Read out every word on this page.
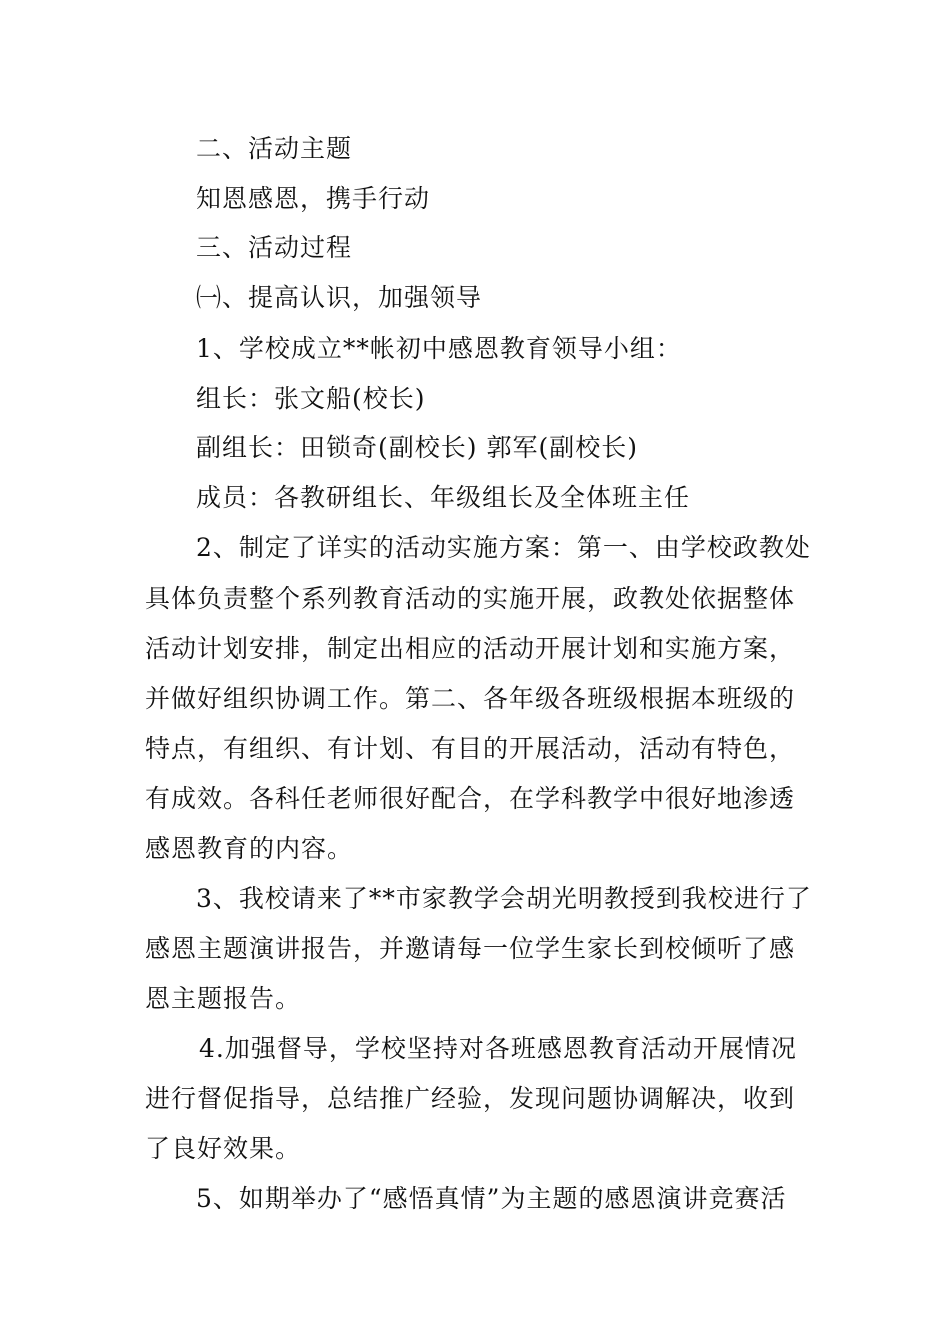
二、活动主题
知恩感恩，携手行动
三、活动过程
㈠、提高认识，加强领导
1、学校成立**帐初中感恩教育领导小组：
组长：张文船(校长)
副组长：田锁奇(副校长) 郭军(副校长)
成员：各教研组长、年级组长及全体班主任
2、制定了详实的活动实施方案：第一、由学校政教处
具体负责整个系列教育活动的实施开展，政教处依据整体
活动计划安排，制定出相应的活动开展计划和实施方案，
并做好组织协调工作。第二、各年级各班级根据本班级的
特点，有组织、有计划、有目的开展活动，活动有特色，
有成效。各科任老师很好配合，在学科教学中很好地渗透
感恩教育的内容。
3、我校请来了**市家教学会胡光明教授到我校进行了
感恩主题演讲报告，并邀请每一位学生家长到校倾听了感
恩主题报告。
4.加强督导，学校坚持对各班感恩教育活动开展情况
进行督促指导，总结推广经验，发现问题协调解决，收到
了良好效果。
5、如期举办了“感悟真情”为主题的感恩演讲竞赛活
